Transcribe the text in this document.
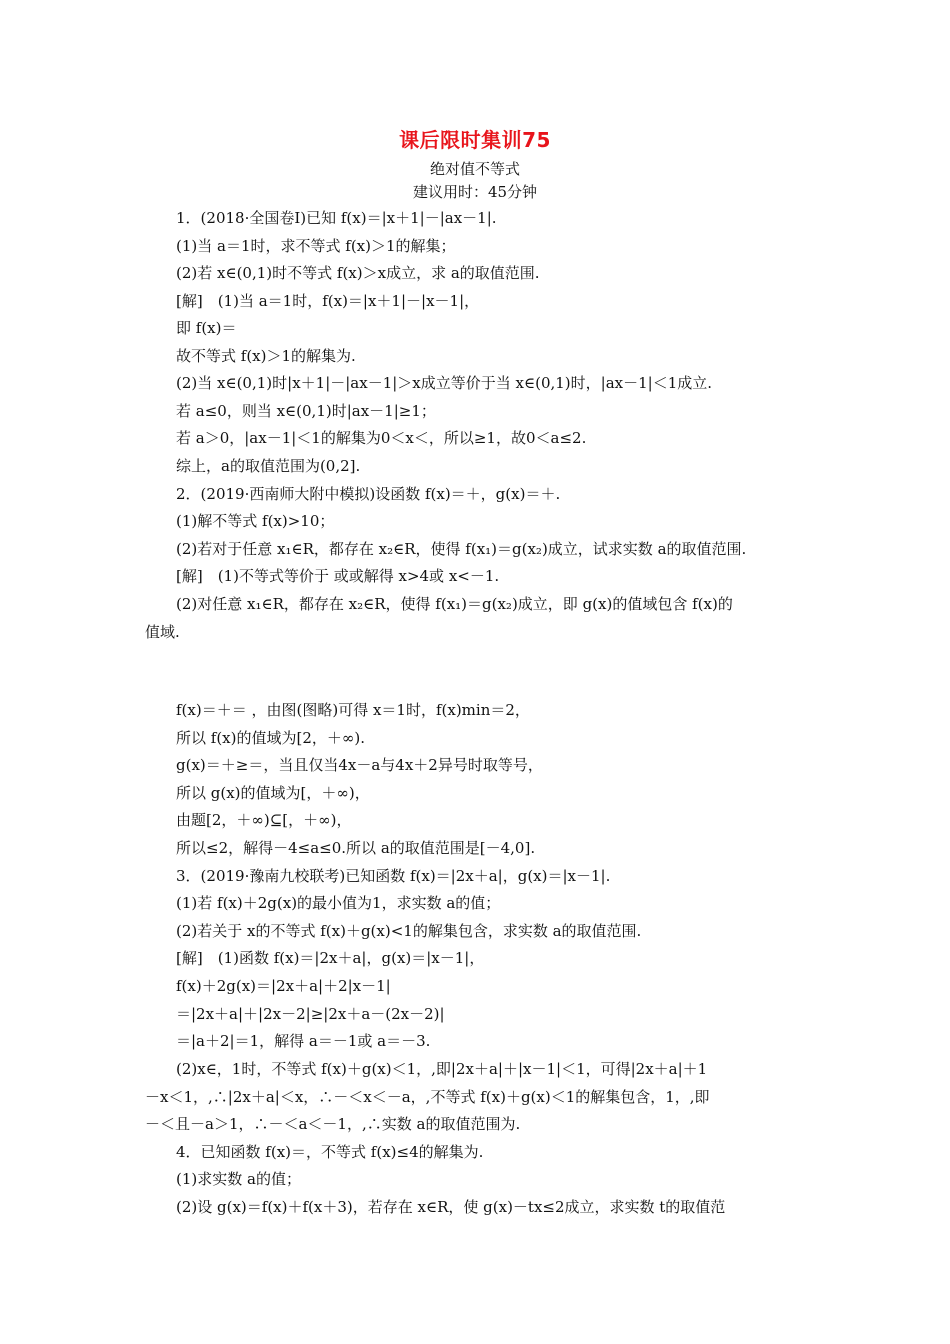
课后限时集训75
绝对值不等式
建议用时：45分钟
1．(2018·全国卷Ⅰ)已知 f(x)＝|x＋1|－|ax－1|.
(1)当 a＝1时，求不等式 f(x)＞1的解集；
(2)若 x∈(0,1)时不等式 f(x)＞x成立，求 a的取值范围.
[解]　(1)当 a＝1时，f(x)＝|x＋1|－|x－1|，
即 f(x)＝
故不等式 f(x)＞1的解集为.
(2)当 x∈(0,1)时|x＋1|－|ax－1|＞x成立等价于当 x∈(0,1)时，|ax－1|＜1成立.
若 a≤0，则当 x∈(0,1)时|ax－1|≥1；
若 a＞0，|ax－1|＜1的解集为0＜x＜，所以≥1，故0＜a≤2.
综上，a的取值范围为(0,2].
2．(2019·西南师大附中模拟)设函数 f(x)＝＋，g(x)＝＋.
(1)解不等式 f(x)>10；
(2)若对于任意 x₁∈R，都存在 x₂∈R，使得 f(x₁)＝g(x₂)成立，试求实数 a的取值范围.
[解]　(1)不等式等价于 或或解得 x>4或 x<－1.
(2)对任意 x₁∈R，都存在 x₂∈R，使得 f(x₁)＝g(x₂)成立，即 g(x)的值域包含 f(x)的
值域.
f(x)＝＋＝ ，由图(图略)可得 x＝1时，f(x)min＝2，
所以 f(x)的值域为[2，＋∞).
g(x)＝＋≥＝，当且仅当4x－a与4x＋2异号时取等号，
所以 g(x)的值域为[，＋∞)，
由题[2，＋∞)⊆[，＋∞)，
所以≤2，解得－4≤a≤0.所以 a的取值范围是[－4,0].
3．(2019·豫南九校联考)已知函数 f(x)＝|2x＋a|，g(x)＝|x－1|.
(1)若 f(x)＋2g(x)的最小值为1，求实数 a的值；
(2)若关于 x的不等式 f(x)＋g(x)<1的解集包含，求实数 a的取值范围.
[解]　(1)函数 f(x)＝|2x＋a|，g(x)＝|x－1|，
f(x)＋2g(x)＝|2x＋a|＋2|x－1|
＝|2x＋a|＋|2x－2|≥|2x＋a－(2x－2)|
＝|a＋2|＝1，解得 a＝－1或 a＝－3.
(2)x∈，1时，不等式 f(x)＋g(x)＜1，,即|2x＋a|＋|x－1|＜1，可得|2x＋a|＋1
－x＜1，,∴|2x＋a|＜x，∴－＜x＜－a，,不等式 f(x)＋g(x)＜1的解集包含，1，,即
－＜且－a＞1，∴－＜a＜－1，,∴实数 a的取值范围为.
4．已知函数 f(x)＝，不等式 f(x)≤4的解集为.
(1)求实数 a的值；
(2)设 g(x)＝f(x)＋f(x＋3)，若存在 x∈R，使 g(x)－tx≤2成立，求实数 t的取值范
